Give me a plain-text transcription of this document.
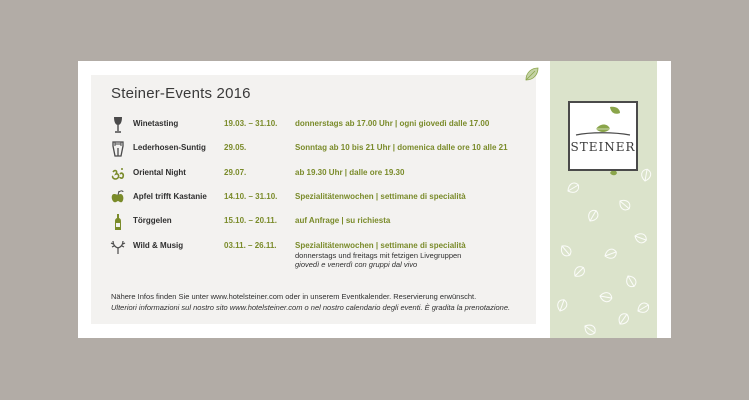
STEINER
Steiner-Events 2016
Winetasting	19.03. – 31.10. donnerstags ab 17.00 Uhr | ogni giovedì dalle 17.00
Lederhosen-Suntig 29.05.	Sonntag ab 10 bis 21 Uhr | domenica dalle ore 10 alle 21
Oriental Night	29.07.	ab 19.30 Uhr | dalle ore 19.30
Apfel trifft Kastanie 14.10. – 31.10. Spezialitätenwochen | settimane di specialità
Törggelen	15.10. – 20.11. auf Anfrage | su richiesta
Wild & Musig	03.11. – 26.11. Spezialitätenwochen | settimane di specialità
donnerstags und freitags mit fetzigen Livegruppen
giovedì e venerdì con gruppi dal vivo
Nähere Infos finden Sie unter www.hotelsteiner.com oder in unserem Eventkalender. Reservierung erwünscht.
Ulteriori informazioni sul nostro sito www.hotelsteiner.com o nel nostro calendario degli eventi. È gradita la prenotazione.
